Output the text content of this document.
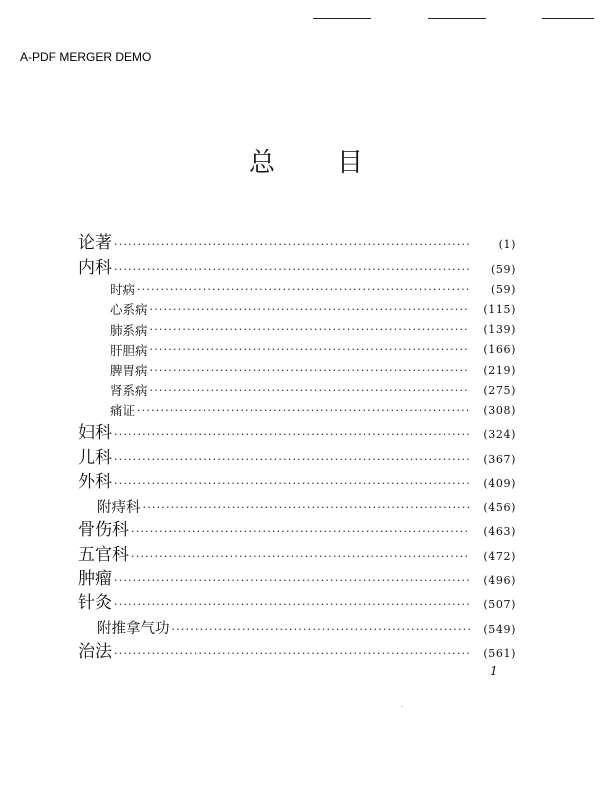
A-PDF MERGER DEMO
总 目
论著 ·····	(1)
内科 ·····	(59)
时病 ·····	(59)
心系病 ·····	(115)
肺系病 ·····	(139)
肝胆病 ·····	(166)
脾胃病 ·····	(219)
肾系病 ·····	(275)
痛证 ·····	(308)
妇科 ·····	(324)
儿科 ·····	(367)
外科 ·····	(409)
附痔科 ·····	(456)
骨伤科 ·····	(463)
五官科 ·····	(472)
肿瘤 ·····	(496)
针灸 ·····	(507)
附推拿气功 ·····	(549)
治法 ·····	(561)
1
·
